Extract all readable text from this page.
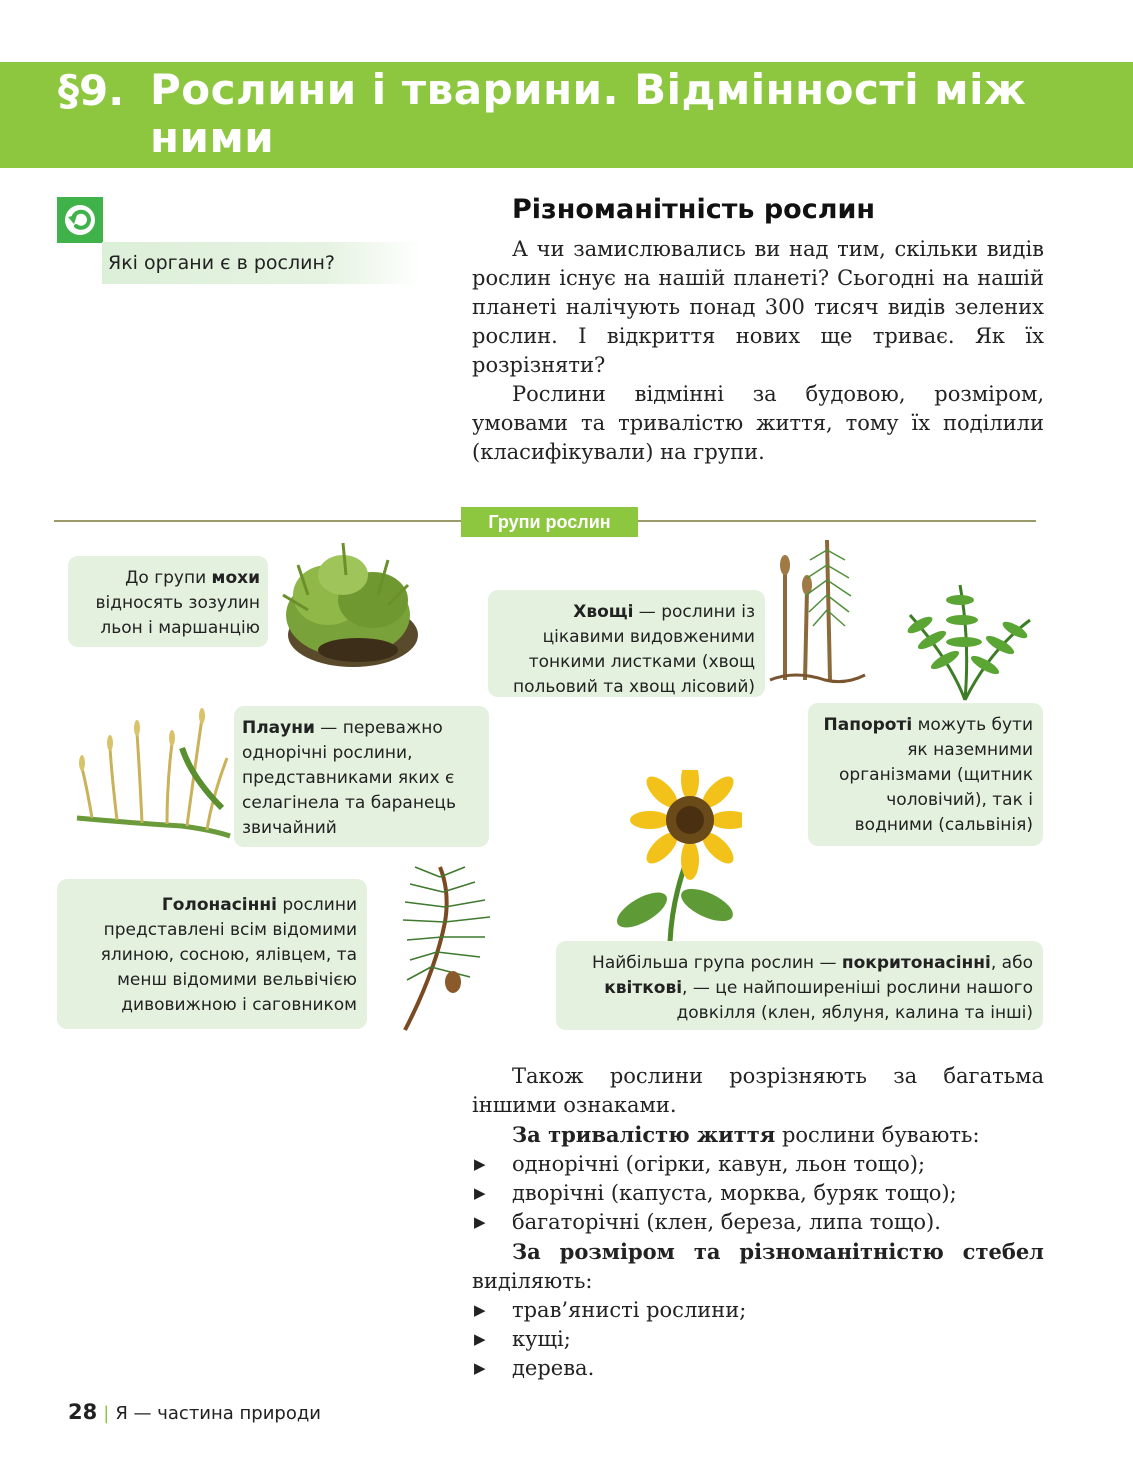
§9. Рослини і тварини. Відмінності між
ними
Які органи є в рослин?
Різноманітність рослин

А чи замислювались ви над тим, скільки видів рослин існує на нашій планеті? Сьогодні на нашій планеті налічують понад 300 тисяч видів зелених рослин. І відкриття нових ще триває. Як їх розрізняти?

Рослини відмінні за будовою, розміром, умовами та тривалістю життя, тому їх поділили (класифікували) на групи.

Групи рослин
До групи мохи відносять зозулин льон і маршанцію
Хвощі — рослини із цікавими видовженими тонкими листками (хвощ польовий та хвощ лісовий)
Плауни — переважно однорічні рослини, представниками яких є селагінела та баранець звичайний
Папороті можуть бути як наземними організмами (щитник чоловічий), так і водними (сальвінія)
Голонасінні рослини представлені всім відомими ялиною, сосною, ялівцем, та менш відомими вельвічією дивовижною і саговником
Найбільша група рослин — покритонасінні, або квіткові, — це найпоширеніші рослини нашого довкілля (клен, яблуня, калина та інші)

Також рослини розрізняють за багатьма іншими ознаками.

За тривалістю життя рослини бувають:

▶ однорічні (огірки, кавун, льон тощо);
▶ дворічні (капуста, морква, буряк тощо);
▶ багаторічні (клен, береза, липа тощо).

За розміром та різноманітністю стебел виділяють:

▶ трав’янисті рослини;
▶ кущі;
▶ дерева.
28 | Я — частина природи
